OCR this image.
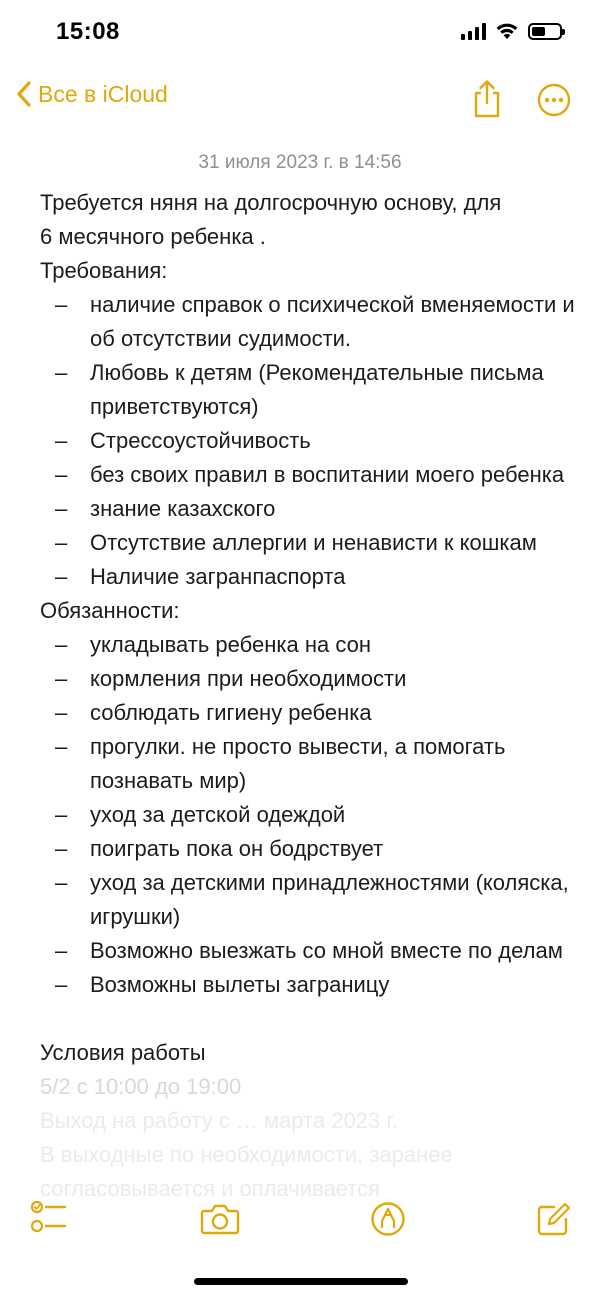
15:08
Все в iCloud
31 июля 2023 г. в 14:56

Требуется няня на долгосрочную основу, для

6 месячного ребенка .

Требования:

– наличие справок о психической вменяемости и об отсутствии судимости.
– Любовь к детям (Рекомендательные письма приветствуются)
– Стрессоустойчивость
– без своих правил в воспитании моего ребенка
– знание казахского
– Отсутствие аллергии и ненависти к кошкам
– Наличие загранпаспорта

Обязанности:

– укладывать ребенка на сон
– кормления при необходимости
– соблюдать гигиену ребенка
– прогулки. не просто вывести, а помогать познавать мир)
– уход за детской одеждой
– поиграть пока он бодрствует
– уход за детскими принадлежностями (коляска, игрушки)
– Возможно выезжать со мной вместе по делам
– Возможны вылеты заграницу

Условия работы

5/2 с 10:00 до 19:00

Выход на работу с … марта 2023 г.

В выходные по необходимости, заранее

согласовывается и оплачивается
